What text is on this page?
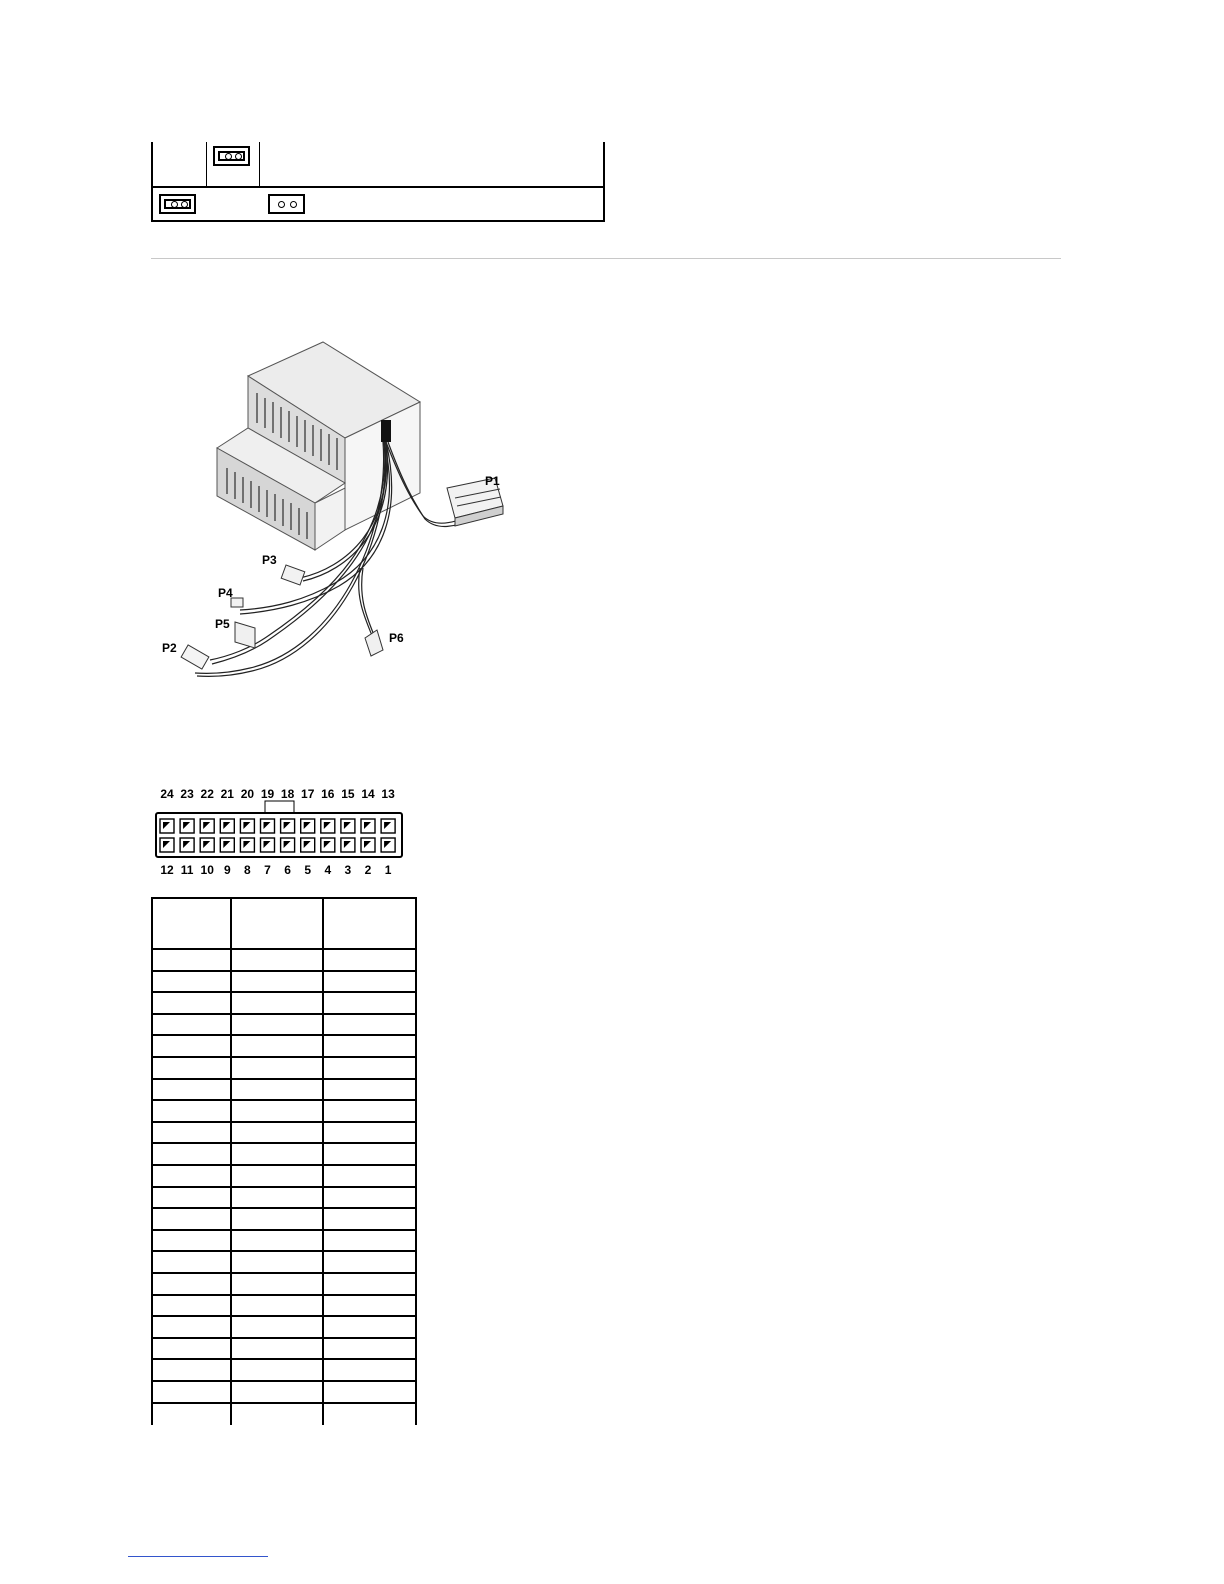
P1
P2
P3
P4
P5
P6
24 23 22 21 20 19 18 17 16 15 14 13
12 11 10 9 8 7 6 5 4 3 2 1
